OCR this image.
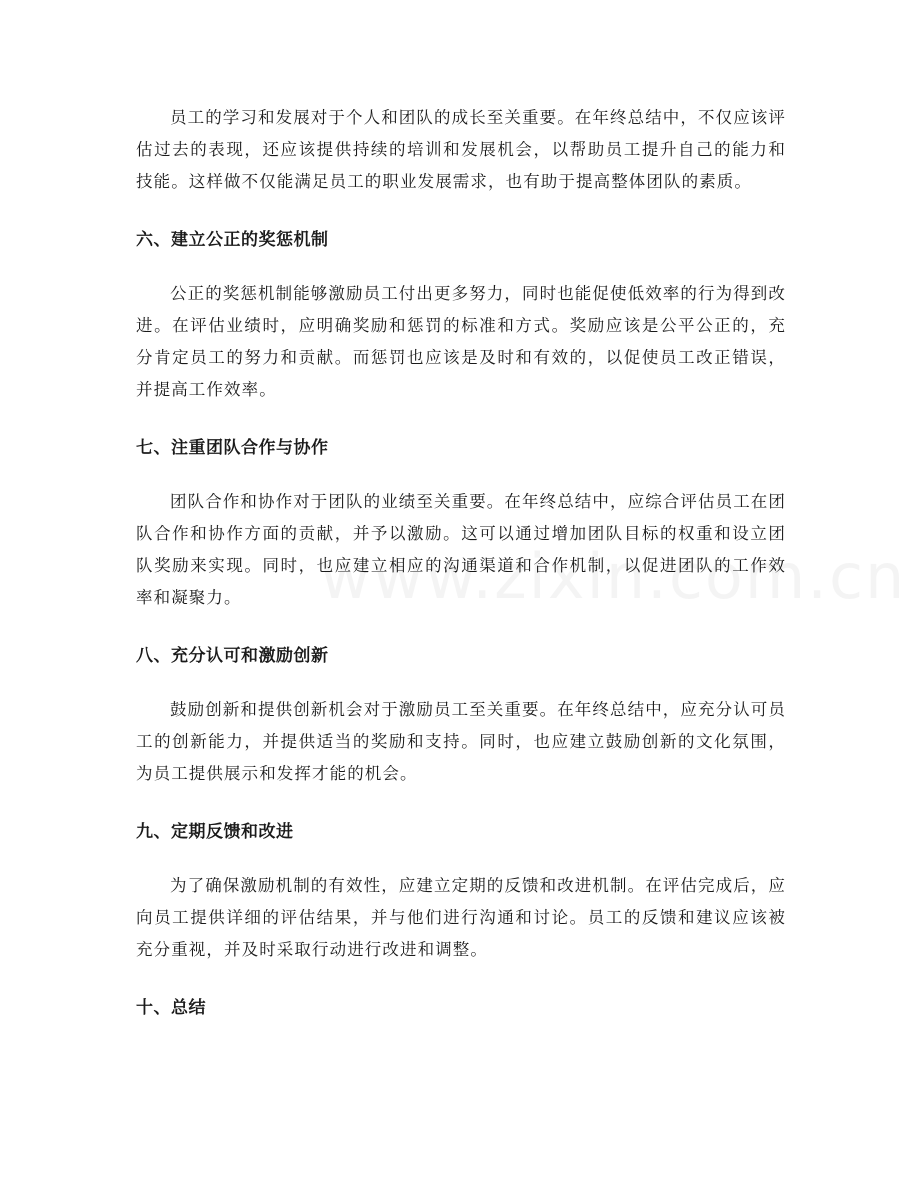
员工的学习和发展对于个人和团队的成长至关重要。在年终总结中，不仅应该评估过去的表现，还应该提供持续的培训和发展机会，以帮助员工提升自己的能力和技能。这样做不仅能满足员工的职业发展需求，也有助于提高整体团队的素质。

六、建立公正的奖惩机制

公正的奖惩机制能够激励员工付出更多努力，同时也能促使低效率的行为得到改进。在评估业绩时，应明确奖励和惩罚的标准和方式。奖励应该是公平公正的，充分肯定员工的努力和贡献。而惩罚也应该是及时和有效的，以促使员工改正错误，并提高工作效率。

七、注重团队合作与协作

团队合作和协作对于团队的业绩至关重要。在年终总结中，应综合评估员工在团队合作和协作方面的贡献，并予以激励。这可以通过增加团队目标的权重和设立团队奖励来实现。同时，也应建立相应的沟通渠道和合作机制，以促进团队的工作效率和凝聚力。

八、充分认可和激励创新

鼓励创新和提供创新机会对于激励员工至关重要。在年终总结中，应充分认可员工的创新能力，并提供适当的奖励和支持。同时，也应建立鼓励创新的文化氛围，为员工提供展示和发挥才能的机会。

九、定期反馈和改进

为了确保激励机制的有效性，应建立定期的反馈和改进机制。在评估完成后，应向员工提供详细的评估结果，并与他们进行沟通和讨论。员工的反馈和建议应该被充分重视，并及时采取行动进行改进和调整。

十、总结
